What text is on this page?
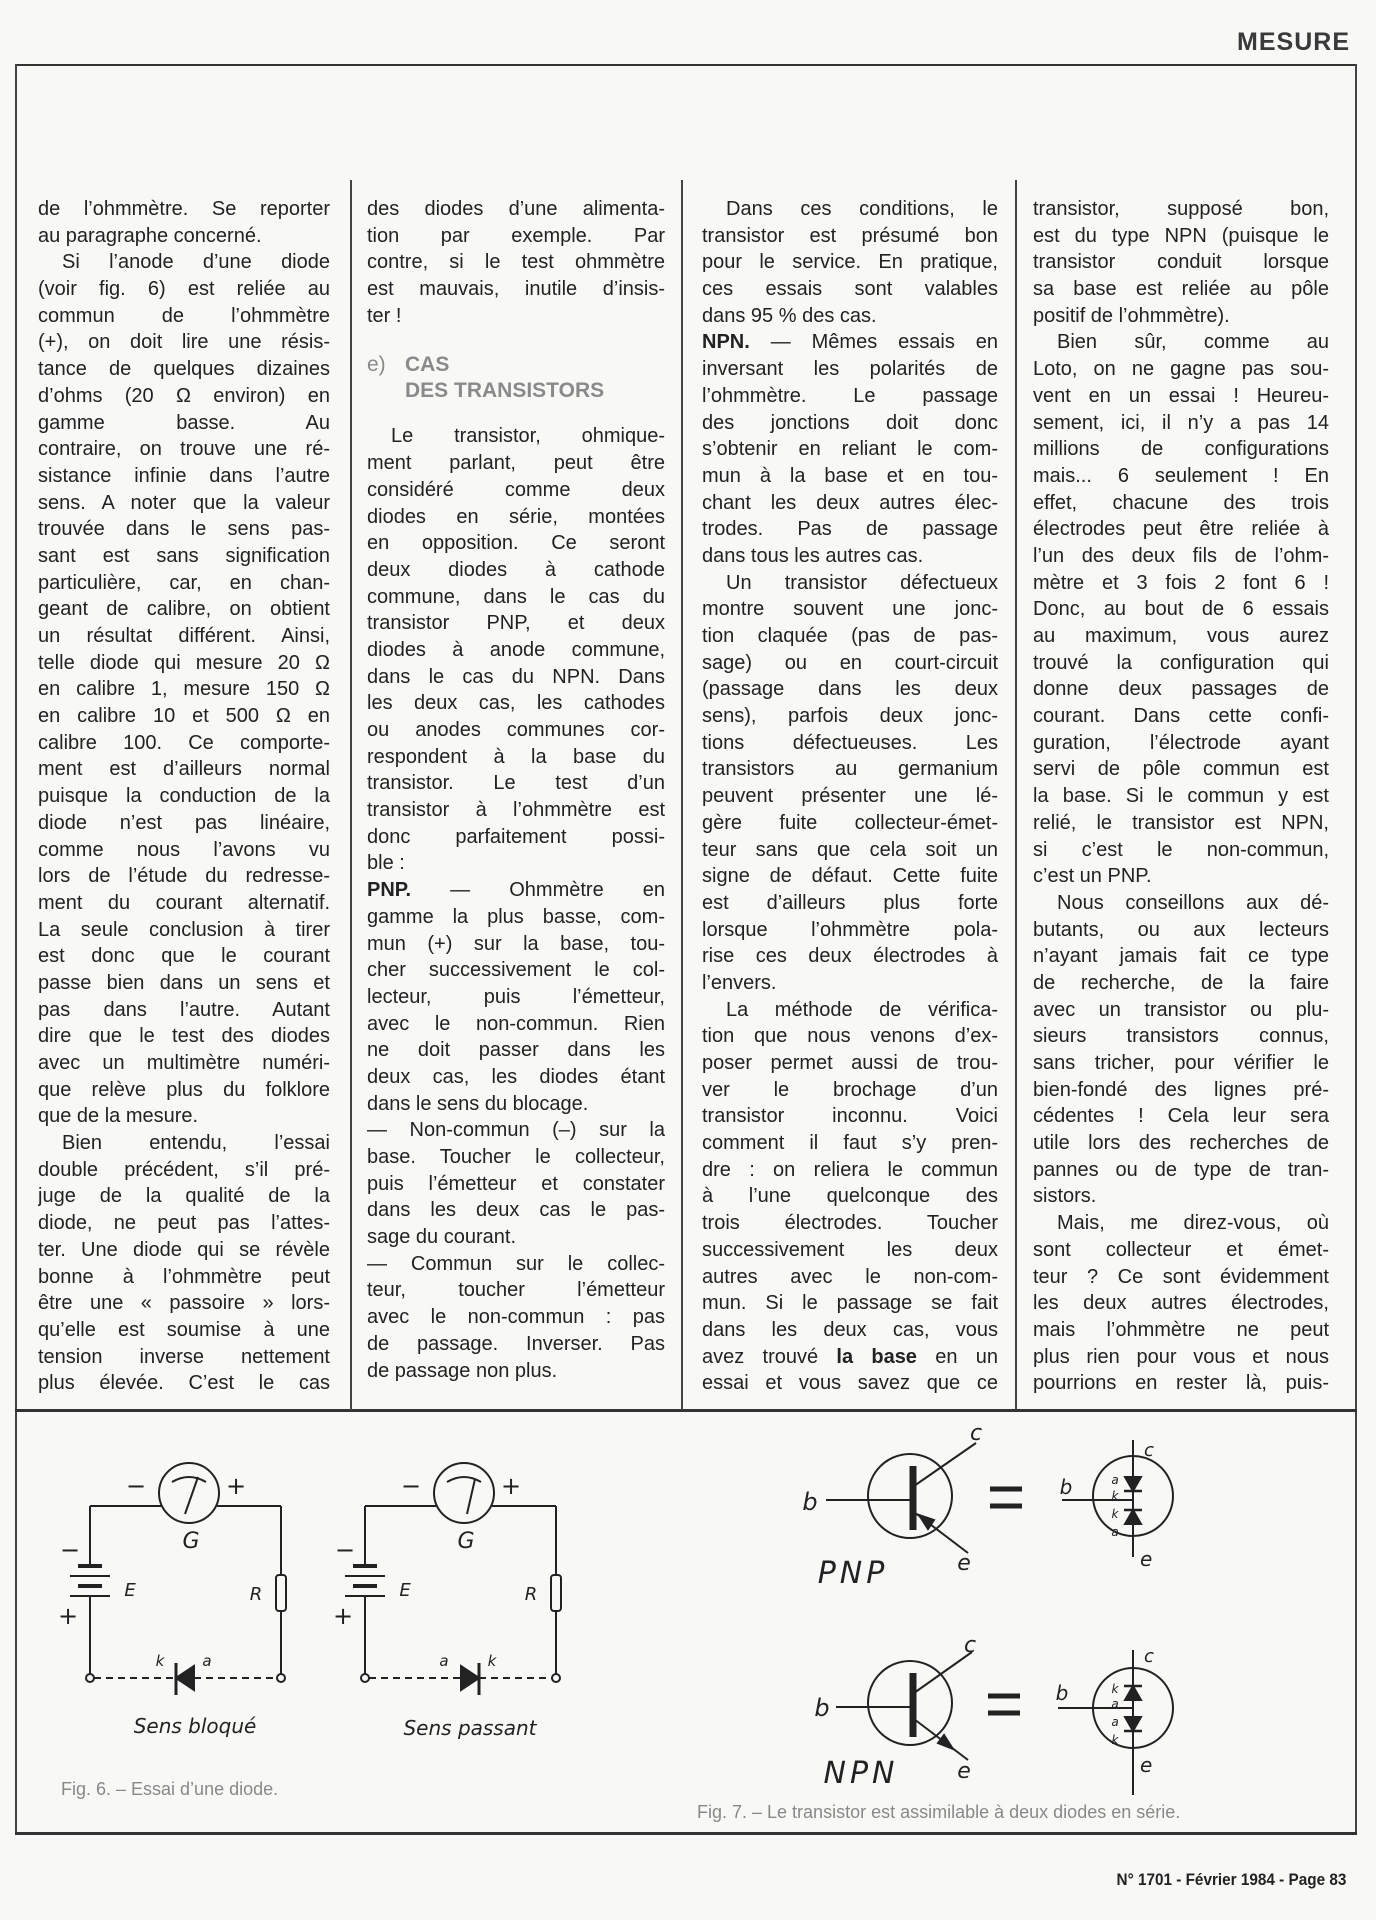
MESURE
de l’ohmmètre. Se reporter
au paragraphe concerné.
Si l’anode d’une diode
(voir fig. 6) est reliée au
commun de l’ohmmètre
(+), on doit lire une résis-
tance de quelques dizaines
d’ohms (20 Ω environ) en
gamme basse. Au
contraire, on trouve une ré-
sistance infinie dans l’autre
sens. A noter que la valeur
trouvée dans le sens pas-
sant est sans signification
particulière, car, en chan-
geant de calibre, on obtient
un résultat différent. Ainsi,
telle diode qui mesure 20 Ω
en calibre 1, mesure 150 Ω
en calibre 10 et 500 Ω en
calibre 100. Ce comporte-
ment est d’ailleurs normal
puisque la conduction de la
diode n’est pas linéaire,
comme nous l’avons vu
lors de l’étude du redresse-
ment du courant alternatif.
La seule conclusion à tirer
est donc que le courant
passe bien dans un sens et
pas dans l’autre. Autant
dire que le test des diodes
avec un multimètre numéri-
que relève plus du folklore
que de la mesure.
Bien entendu, l’essai
double précédent, s’il pré-
juge de la qualité de la
diode, ne peut pas l’attes-
ter. Une diode qui se révèle
bonne à l’ohmmètre peut
être une « passoire » lors-
qu’elle est soumise à une
tension inverse nettement
plus élevée. C’est le cas
des diodes d’une alimenta-
tion par exemple. Par
contre, si le test ohmmètre
est mauvais, inutile d’insis-
ter !
e) CAS
DES TRANSISTORS
Le transistor, ohmique-
ment parlant, peut être
considéré comme deux
diodes en série, montées
en opposition. Ce seront
deux diodes à cathode
commune, dans le cas du
transistor PNP, et deux
diodes à anode commune,
dans le cas du NPN. Dans
les deux cas, les cathodes
ou anodes communes cor-
respondent à la base du
transistor. Le test d’un
transistor à l’ohmmètre est
donc parfaitement possi-
ble :
PNP. — Ohmmètre en
gamme la plus basse, com-
mun (+) sur la base, tou-
cher successivement le col-
lecteur, puis l’émetteur,
avec le non-commun. Rien
ne doit passer dans les
deux cas, les diodes étant
dans le sens du blocage.
— Non-commun (–) sur la
base. Toucher le collecteur,
puis l’émetteur et constater
dans les deux cas le pas-
sage du courant.
— Commun sur le collec-
teur, toucher l’émetteur
avec le non-commun : pas
de passage. Inverser. Pas
de passage non plus.
Dans ces conditions, le
transistor est présumé bon
pour le service. En pratique,
ces essais sont valables
dans 95 % des cas.
NPN. — Mêmes essais en
inversant les polarités de
l’ohmmètre. Le passage
des jonctions doit donc
s’obtenir en reliant le com-
mun à la base et en tou-
chant les deux autres élec-
trodes. Pas de passage
dans tous les autres cas.
Un transistor défectueux
montre souvent une jonc-
tion claquée (pas de pas-
sage) ou en court-circuit
(passage dans les deux
sens), parfois deux jonc-
tions défectueuses. Les
transistors au germanium
peuvent présenter une lé-
gère fuite collecteur-émet-
teur sans que cela soit un
signe de défaut. Cette fuite
est d’ailleurs plus forte
lorsque l’ohmmètre pola-
rise ces deux électrodes à
l’envers.
La méthode de vérifica-
tion que nous venons d’ex-
poser permet aussi de trou-
ver le brochage d’un
transistor inconnu. Voici
comment il faut s’y pren-
dre : on reliera le commun
à l’une quelconque des
trois électrodes. Toucher
successivement les deux
autres avec le non-com-
mun. Si le passage se fait
dans les deux cas, vous
avez trouvé la base en un
essai et vous savez que ce
transistor, supposé bon,
est du type NPN (puisque le
transistor conduit lorsque
sa base est reliée au pôle
positif de l’ohmmètre).
Bien sûr, comme au
Loto, on ne gagne pas sou-
vent en un essai ! Heureu-
sement, ici, il n’y a pas 14
millions de configurations
mais... 6 seulement ! En
effet, chacune des trois
électrodes peut être reliée à
l’un des deux fils de l’ohm-
mètre et 3 fois 2 font 6 !
Donc, au bout de 6 essais
au maximum, vous aurez
trouvé la configuration qui
donne deux passages de
courant. Dans cette confi-
guration, l’électrode ayant
servi de pôle commun est
la base. Si le commun y est
relié, le transistor est NPN,
si c’est le non-commun,
c’est un PNP.
Nous conseillons aux dé-
butants, ou aux lecteurs
n’ayant jamais fait ce type
de recherche, de la faire
avec un transistor ou plu-
sieurs transistors connus,
sans tricher, pour vérifier le
bien-fondé des lignes pré-
cédentes ! Cela leur sera
utile lors des recherches de
pannes ou de type de tran-
sistors.
Mais, me direz-vous, où
sont collecteur et émet-
teur ? Ce sont évidemment
les deux autres électrodes,
mais l’ohmmètre ne peut
plus rien pour vous et nous
pourrions en rester là, puis-
−	+
G
−
+
E	R
k	a
Sens bloqué
−	+
G
−
+
E	R
a	k
Sens passant
Fig. 6. – Essai d’une diode.
b
c
e
PNP
b
c
e
a
k
k
a
b
c
e
NPN
b
c
e
k
a
a
k
Fig. 7. – Le transistor est assimilable à deux diodes en série.
N° 1701 - Février 1984 - Page 83
